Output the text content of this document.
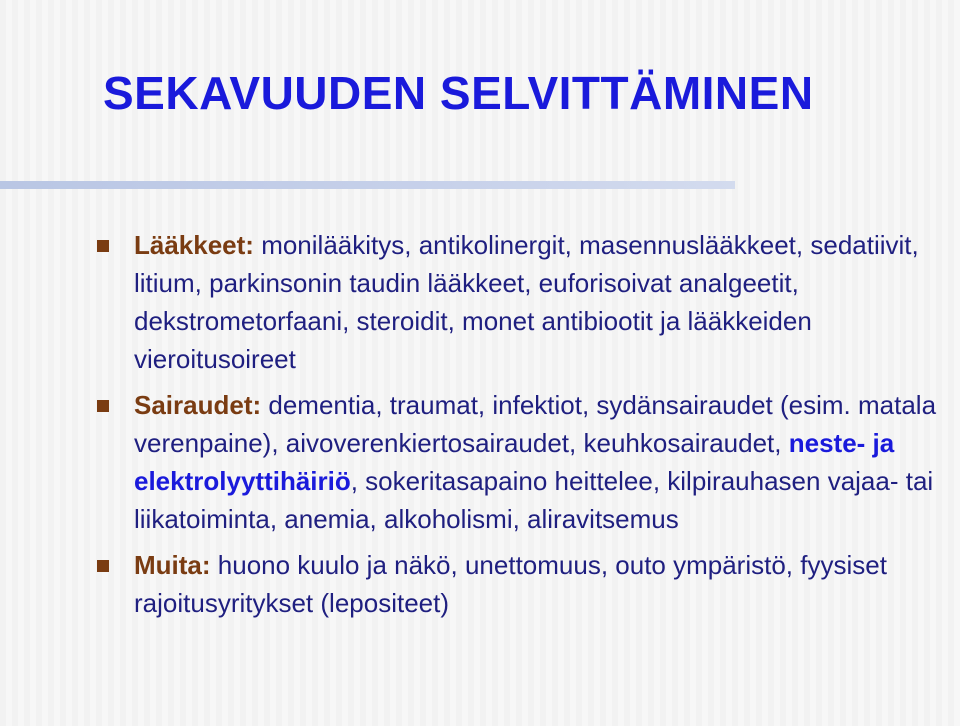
SEKAVUUDEN SELVITTÄMINEN
Lääkkeet: monilääkitys, antikolinergit, masennuslääkkeet, sedatiivit, litium, parkinsonin taudin lääkkeet, euforisoivat analgeetit, dekstrometorfaani, steroidit, monet antibiootit ja lääkkeiden vieroitusoireet
Sairaudet: dementia, traumat, infektiot, sydänsairaudet (esim. matala verenpaine), aivoverenkiertosairaudet, keuhkosairaudet, neste- ja elektrolyyttihäiriö, sokeritasapaino heittelee, kilpirauhasen vajaa- tai liikatoiminta, anemia, alkoholismi, aliravitsemus
Muita: huono kuulo ja näkö, unettomuus, outo ympäristö, fyysiset rajoitusyritykset (lepositeet)
